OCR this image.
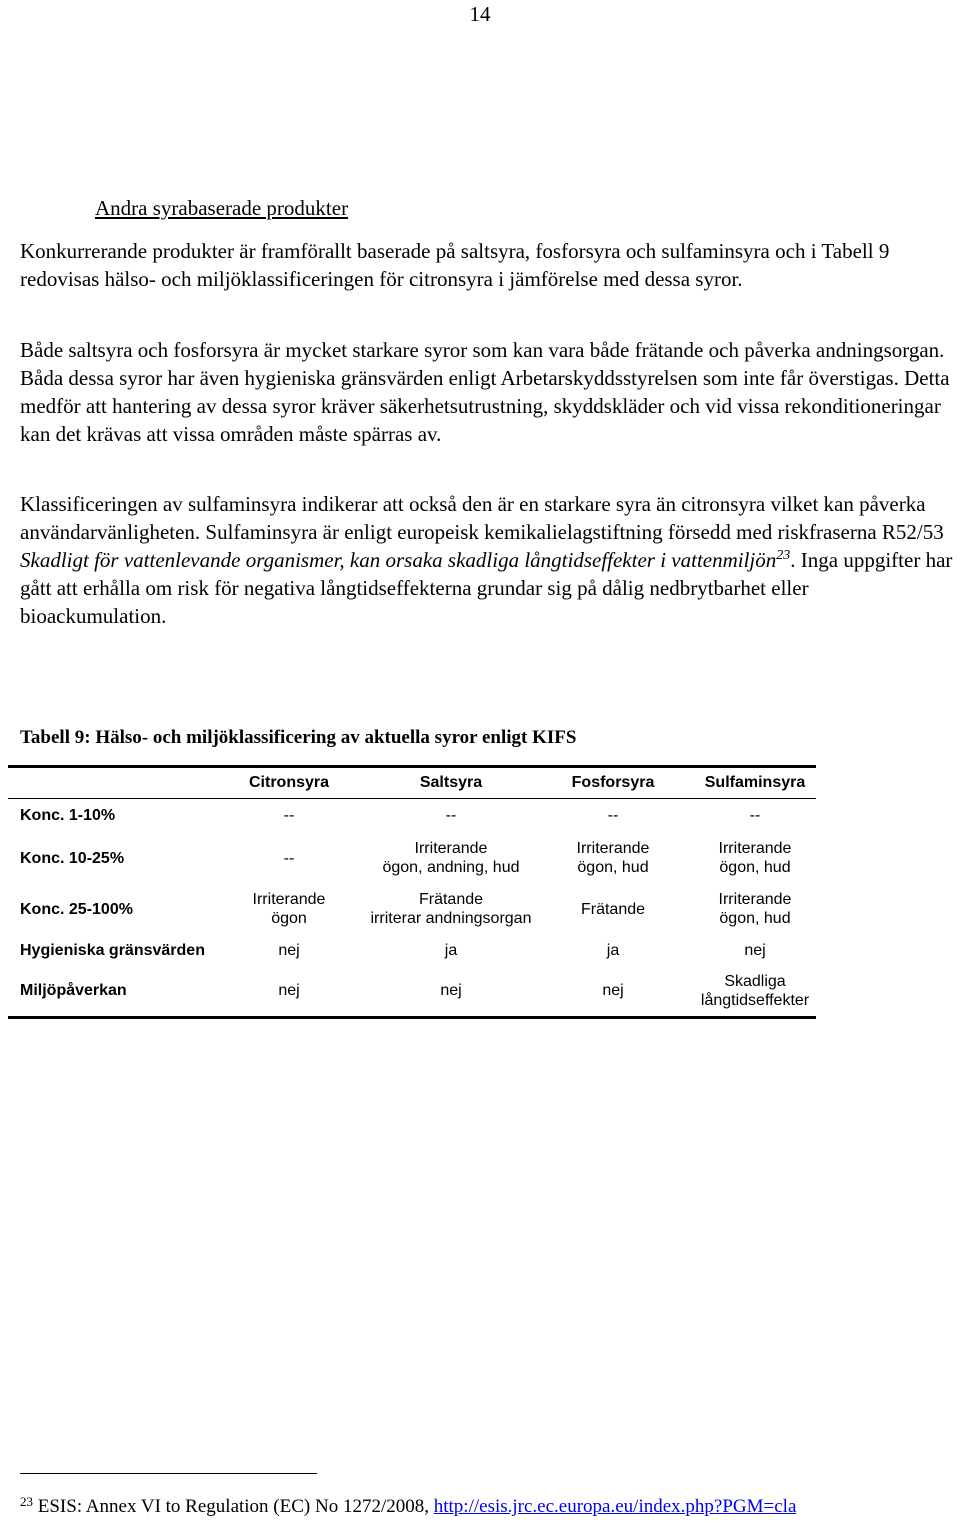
14
Andra syrabaserade produkter

Konkurrerande produkter är framförallt baserade på saltsyra, fosforsyra och sulfaminsyra och i Tabell 9 redovisas hälso- och miljöklassificeringen för citronsyra i jämförelse med dessa syror.

Både saltsyra och fosforsyra är mycket starkare syror som kan vara både frätande och påverka andningsorgan. Båda dessa syror har även hygieniska gränsvärden enligt Arbetarskyddsstyrelsen som inte får överstigas. Detta medför att hantering av dessa syror kräver säkerhetsutrustning, skyddskläder och vid vissa rekonditioneringar kan det krävas att vissa områden måste spärras av.

Klassificeringen av sulfaminsyra indikerar att också den är en starkare syra än citronsyra vilket kan påverka användarvänligheten. Sulfaminsyra är enligt europeisk kemikalielagstiftning försedd med riskfraserna R52/53 Skadligt för vattenlevande organismer, kan orsaka skadliga långtidseffekter i vattenmiljön$^{23}$. Inga uppgifter har gått att erhålla om risk för negativa långtidseffekterna grundar sig på dålig nedbrytbarhet eller bioackumulation.

Tabell 9: Hälso- och miljöklassificering av aktuella syror enligt KIFS
	Citronsyra	Saltsyra	Fosforsyra	Sulfaminsyra
Konc. 1-10%	--	--	--	--

Konc. 10-25%	--	Irriterande
ögon, andning, hud	Irriterande
ögon, hud	Irriterande
ögon, hud

Konc. 25-100%	Irriterande
ögon	Frätande
irriterar andningsorgan	Frätande	Irriterande
ögon, hud

Hygieniska gränsvärden	nej	ja	ja	nej

Miljöpåverkan	nej	nej	nej	Skadliga
långtidseffekter
$^{23}$ ESIS: Annex VI to Regulation (EC) No 1272/2008, http://esis.jrc.ec.europa.eu/index.php?PGM=cla
